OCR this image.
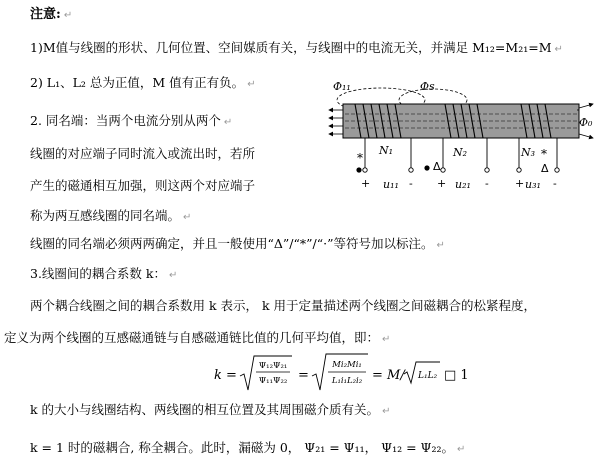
注意: ↵
1)M值与线圈的形状、几何位置、空间媒质有关，与线圈中的电流无关，并满足 M₁₂=M₂₁=M ↵
2) L₁、L₂ 总为正值，M 值有正有负。 ↵
2. 同名端：当两个电流分别从两个 ↵
线圈的对应端子同时流入或流出时，若所
产生的磁通相互加强，则这两个对应端子
称为两互感线圈的同名端。 ↵
线圈的同名端必须两两确定，并且一般使用“Δ”/“*”/“·”等符号加以标注。 ↵
3.线圈间的耦合系数 k： ↵
两个耦合线圈之间的耦合系数用 k 表示， k 用于定量描述两个线圈之间磁耦合的松紧程度，
定义为两个线圈的互感磁通链与自感磁通链比值的几何平均值，即： ↵
k =
Ψ₁₂Ψ₂₁
Ψ₁₁Ψ₂₂ =
Mi₂Mi₁
L₁i₁L₂i₂ = M/ L₁L₂ □ 1
k 的大小与线圈结构、两线圈的相互位置及其周围磁介质有关。 ↵
k = 1 时的磁耦合, 称全耦合。此时，漏磁为 0， Ψ₂₁ = Ψ₁₁， Ψ₁₂ = Ψ₂₂。 ↵
Φ₁₁	Φs
Φ₀
N₁	N₂	N₃
*
Δ
*
Δ
+ u₁₁ - + u₂₁ - + u₃₁ -
